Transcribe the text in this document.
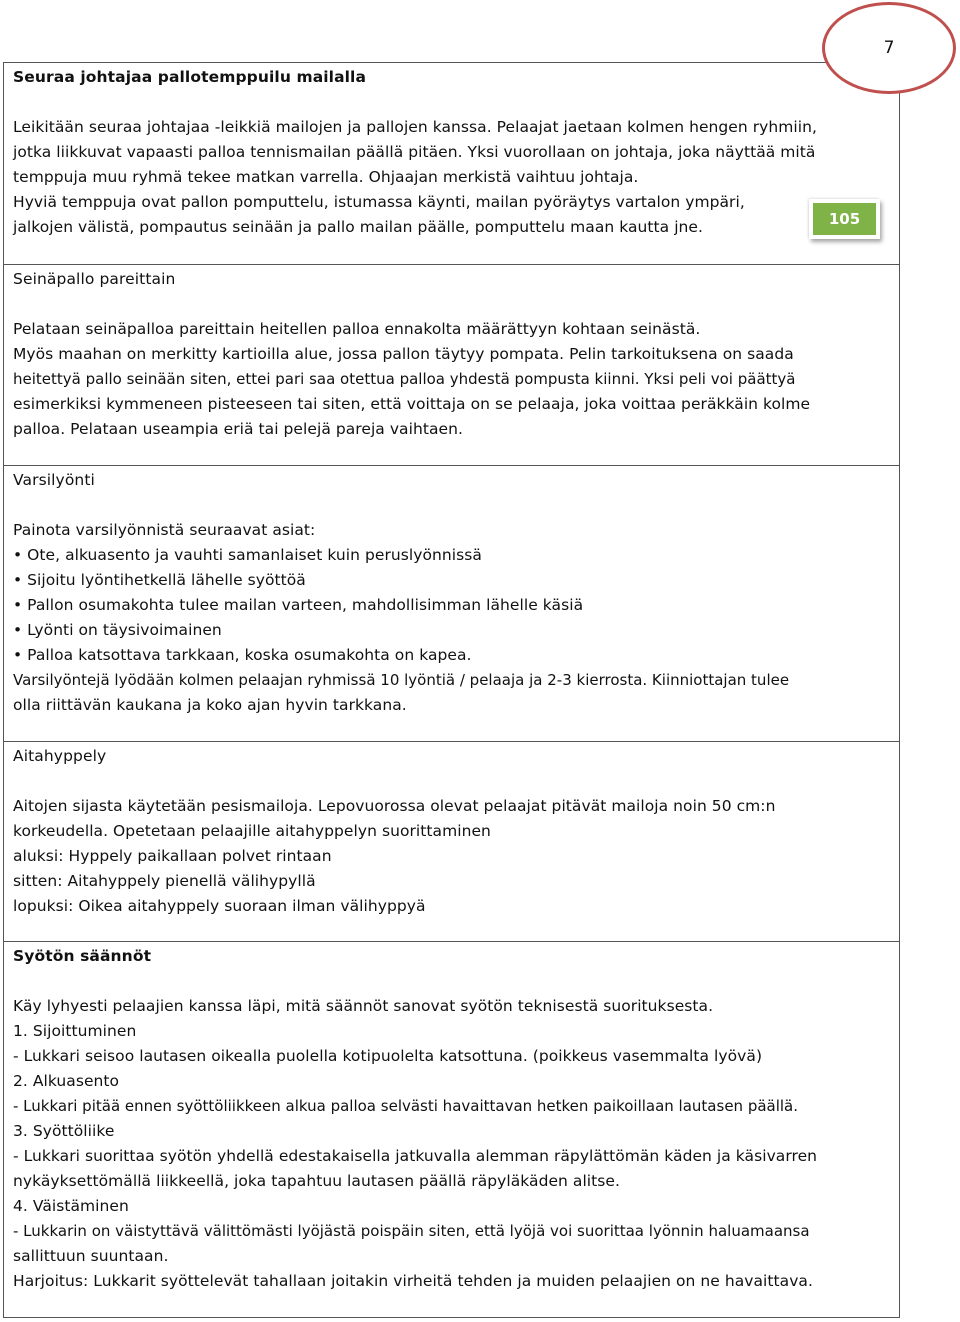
Seuraa johtajaa pallotemppuilu mailalla

Leikitään seuraa johtajaa -leikkiä mailojen ja pallojen kanssa. Pelaajat jaetaan kolmen hengen ryhmiin,

jotka liikkuvat vapaasti palloa tennismailan päällä pitäen. Yksi vuorollaan on johtaja, joka näyttää mitä

temppuja muu ryhmä tekee matkan varrella. Ohjaajan merkistä vaihtuu johtaja.

Hyviä temppuja ovat pallon pomputtelu, istumassa käynti, mailan pyöräytys vartalon ympäri,

jalkojen välistä, pompautus seinään ja pallo mailan päälle, pomputtelu maan kautta jne.

Seinäpallo pareittain

Pelataan seinäpalloa pareittain heitellen palloa ennakolta määrättyyn kohtaan seinästä.

Myös maahan on merkitty kartioilla alue, jossa pallon täytyy pompata. Pelin tarkoituksena on saada

heitettyä pallo seinään siten, ettei pari saa otettua palloa yhdestä pompusta kiinni. Yksi peli voi päättyä

esimerkiksi kymmeneen pisteeseen tai siten, että voittaja on se pelaaja, joka voittaa peräkkäin kolme

palloa. Pelataan useampia eriä tai pelejä pareja vaihtaen.

Varsilyönti

Painota varsilyönnistä seuraavat asiat:

• Ote, alkuasento ja vauhti samanlaiset kuin peruslyönnissä

• Sijoitu lyöntihetkellä lähelle syöttöä

• Pallon osumakohta tulee mailan varteen, mahdollisimman lähelle käsiä

• Lyönti on täysivoimainen

• Palloa katsottava tarkkaan, koska osumakohta on kapea.

Varsilyöntejä lyödään kolmen pelaajan ryhmissä 10 lyöntiä / pelaaja ja 2-3 kierrosta. Kiinniottajan tulee

olla riittävän kaukana ja koko ajan hyvin tarkkana.

Aitahyppely

Aitojen sijasta käytetään pesismailoja. Lepovuorossa olevat pelaajat pitävät mailoja noin 50 cm:n

korkeudella. Opetetaan pelaajille aitahyppelyn suorittaminen

aluksi: Hyppely paikallaan polvet rintaan

sitten: Aitahyppely pienellä välihypyllä

lopuksi: Oikea aitahyppely suoraan ilman välihyppyä

Syötön säännöt

Käy lyhyesti pelaajien kanssa läpi, mitä säännöt sanovat syötön teknisestä suorituksesta.

1. Sijoittuminen

- Lukkari seisoo lautasen oikealla puolella kotipuolelta katsottuna. (poikkeus vasemmalta lyövä)

2. Alkuasento

- Lukkari pitää ennen syöttöliikkeen alkua palloa selvästi havaittavan hetken paikoillaan lautasen päällä.

3. Syöttöliike

- Lukkari suorittaa syötön yhdellä edestakaisella jatkuvalla alemman räpylättömän käden ja käsivarren

nykäyksettömällä liikkeellä, joka tapahtuu lautasen päällä räpyläkäden alitse.

4. Väistäminen

- Lukkarin on väistyttävä välittömästi lyöjästä poispäin siten, että lyöjä voi suorittaa lyönnin haluamaansa

sallittuun suuntaan.

Harjoitus: Lukkarit syöttelevät tahallaan joitakin virheitä tehden ja muiden pelaajien on ne havaittava.

7
105
